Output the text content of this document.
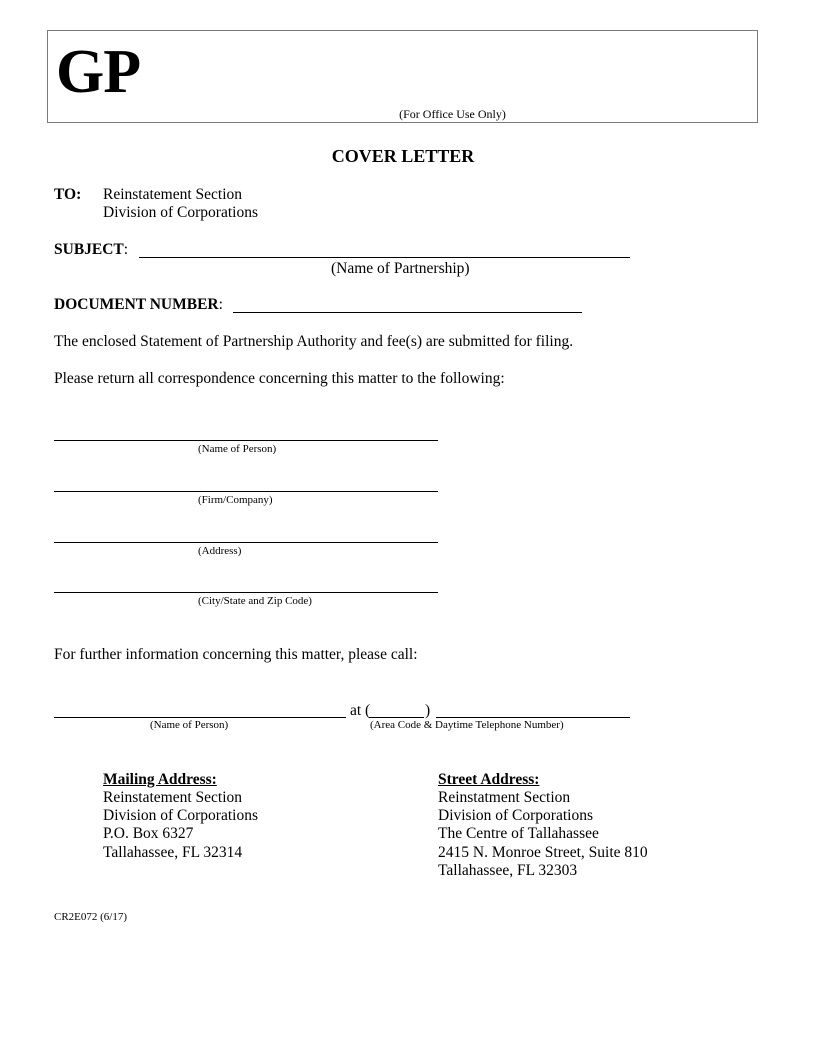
GP
(For Office Use Only)
COVER LETTER
TO: Reinstatement Section
Division of Corporations
SUBJECT:
(Name of Partnership)
DOCUMENT NUMBER:
The enclosed Statement of Partnership Authority and fee(s) are submitted for filing.
Please return all correspondence concerning this matter to the following:
(Name of Person)
(Firm/Company)
(Address)
(City/State and Zip Code)
For further information concerning this matter, please call:
at (	)
(Name of Person)	(Area Code & Daytime Telephone Number)
Mailing Address:
Reinstatement Section
Division of Corporations
P.O. Box 6327
Tallahassee, FL 32314
Street Address:
Reinstatment Section
Division of Corporations
The Centre of Tallahassee
2415 N. Monroe Street, Suite 810
Tallahassee, FL 32303
CR2E072 (6/17)
